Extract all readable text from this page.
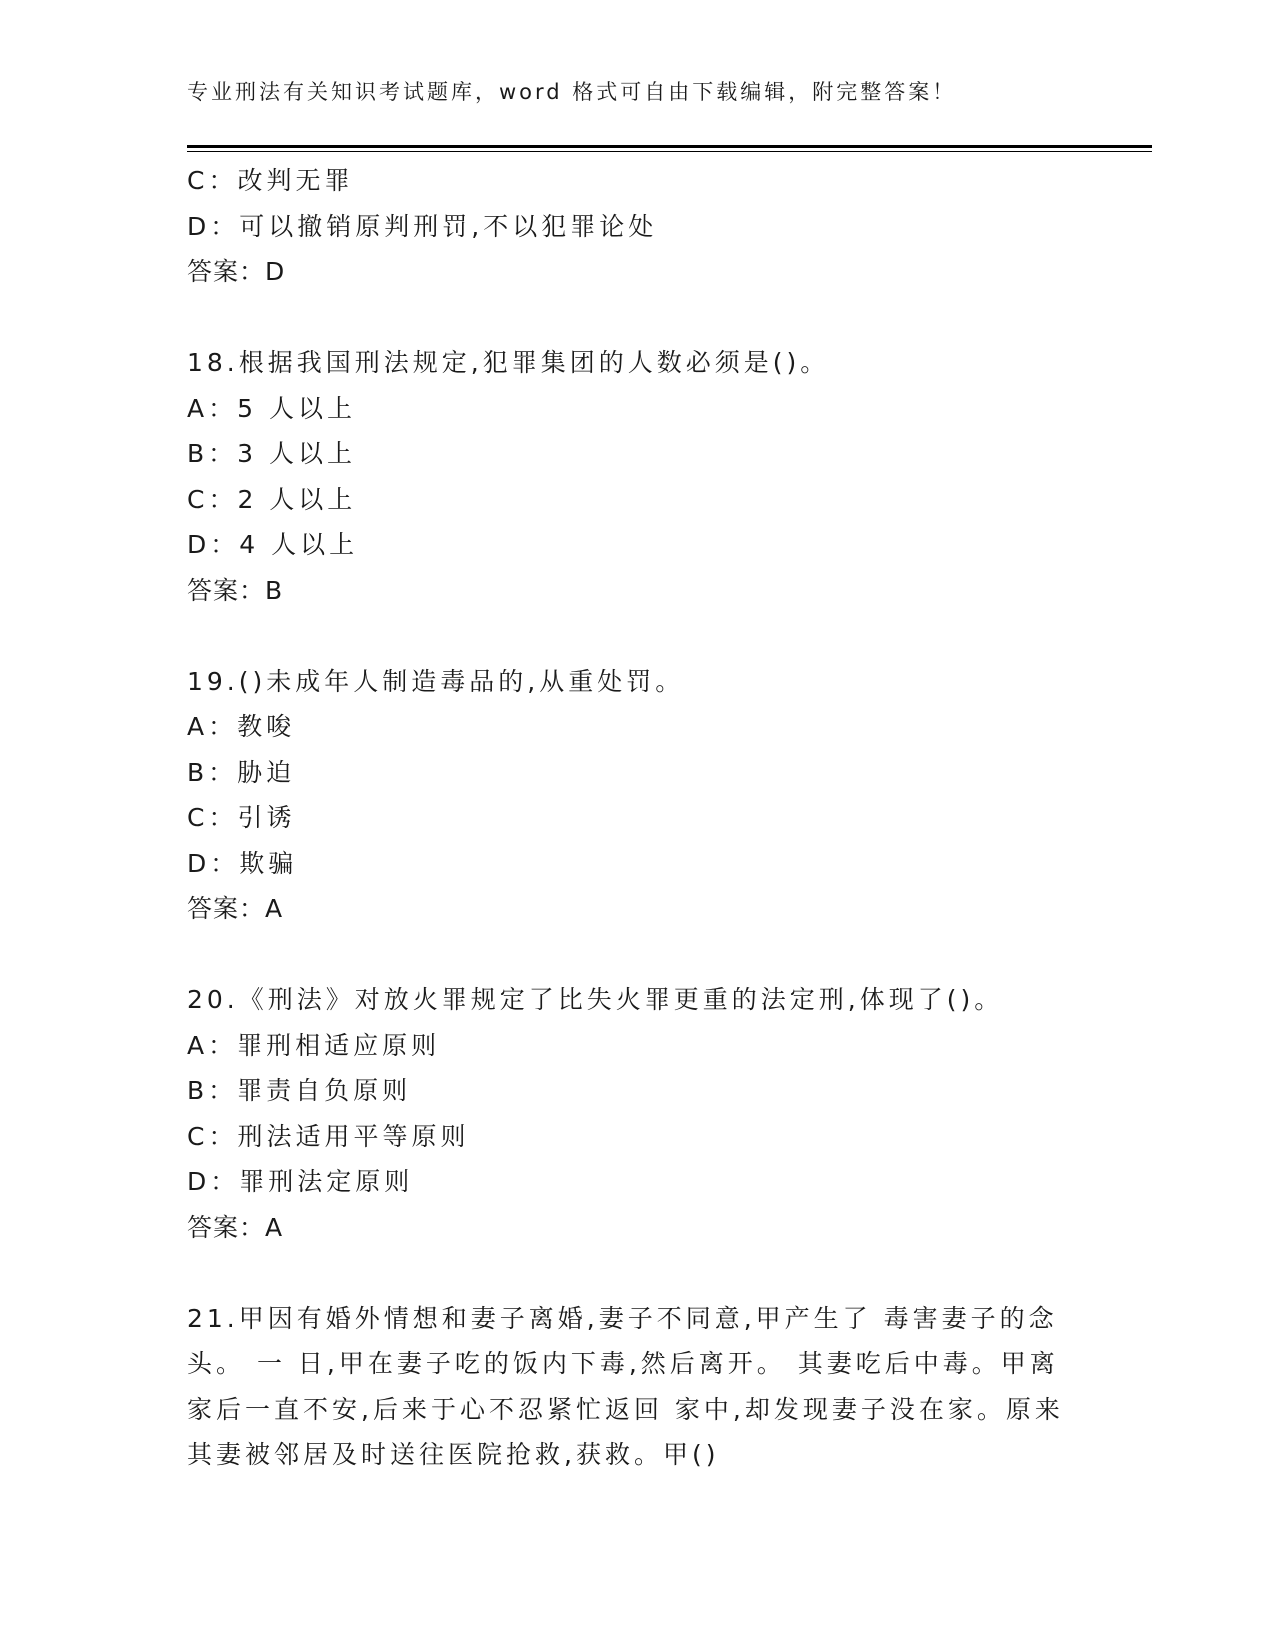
专业刑法有关知识考试题库，word 格式可自由下载编辑，附完整答案！
C：改判无罪
D：可以撤销原判刑罚,不以犯罪论处
答案：D
18.根据我国刑法规定,犯罪集团的人数必须是()。
A：5 人以上
B：3 人以上
C：2 人以上
D：4 人以上
答案：B
19.()未成年人制造毒品的,从重处罚。
A：教唆
B：胁迫
C：引诱
D：欺骗
答案：A
20.《刑法》对放火罪规定了比失火罪更重的法定刑,体现了()。
A：罪刑相适应原则
B：罪责自负原则
C：刑法适用平等原则
D：罪刑法定原则
答案：A
21.甲因有婚外情想和妻子离婚,妻子不同意,甲产生了 毒害妻子的念
头。 一 日,甲在妻子吃的饭内下毒,然后离开。 其妻吃后中毒。甲离
家后一直不安,后来于心不忍紧忙返回 家中,却发现妻子没在家。原来
其妻被邻居及时送往医院抢救,获救。甲()
